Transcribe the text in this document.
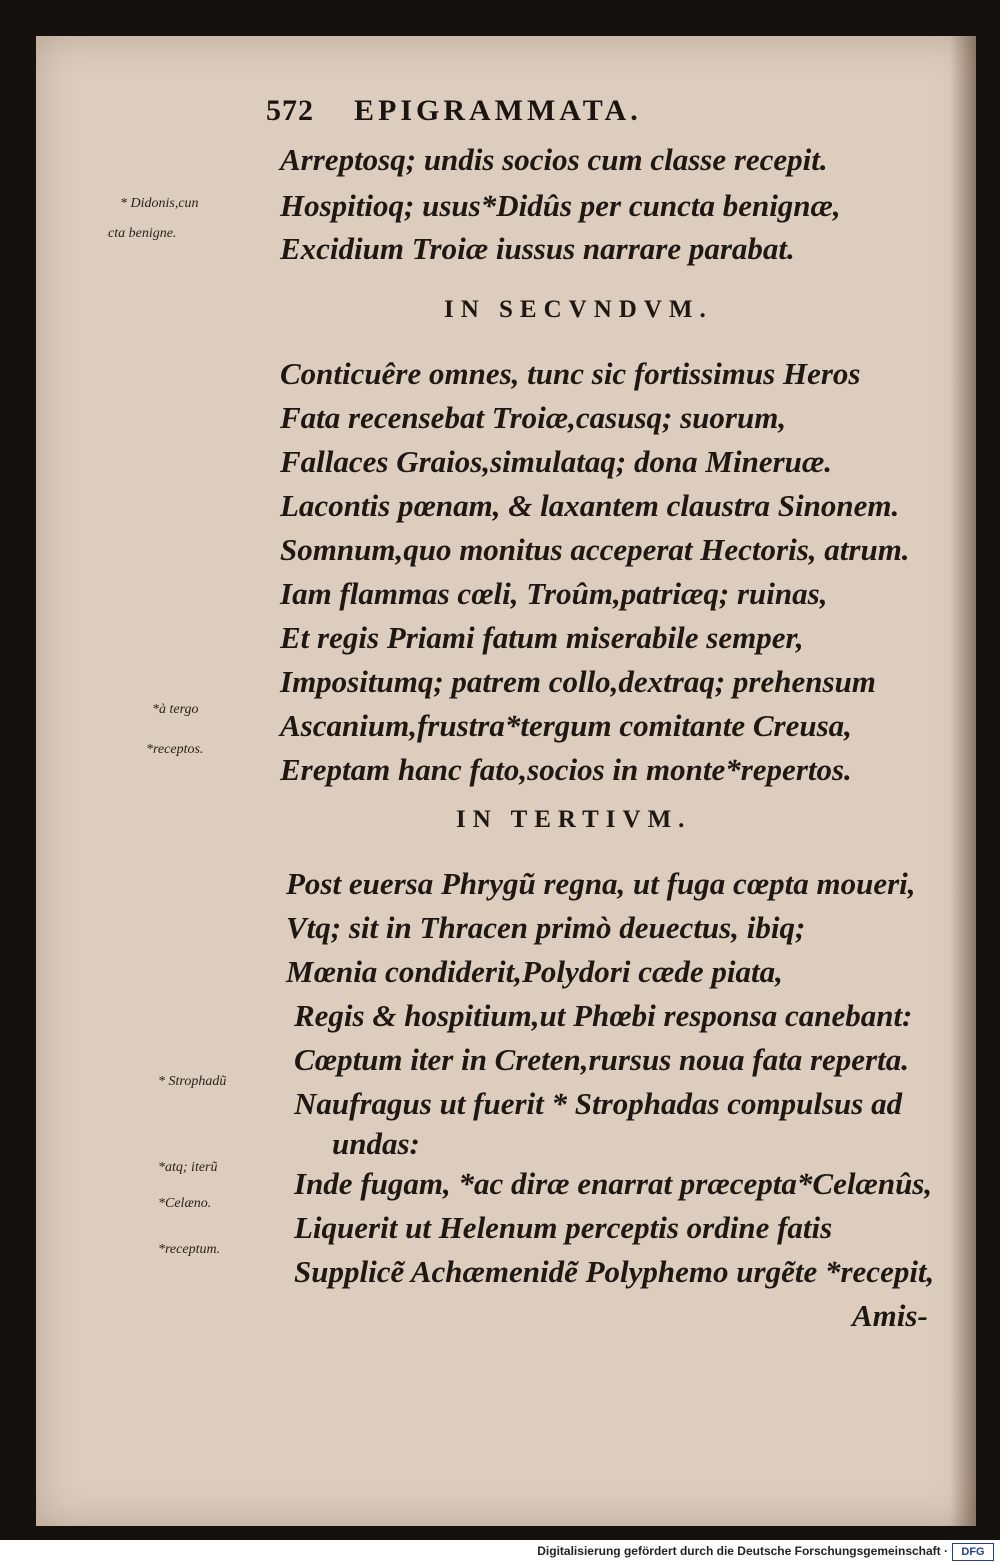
572 EPIGRAMMATA.
Arreptosq; undis socios cum classe recepit.
Hospitioq; usus*Didûs per cuncta benignæ,
Excidium Troiæ iussus narrare parabat.
IN SECVNDVM.
Conticuêre omnes, tunc sic fortissimus Heros
Fata recensebat Troiæ,casusq; suorum,
Fallaces Graios,simulataq; dona Mineruæ.
Lacontis pœnam, & laxantem claustra Sinonem.
Somnum,quo monitus acceperat Hectoris, atrum.
Iam flammas cœli, Troûm,patriæq; ruinas,
Et regis Priami fatum miserabile semper,
Impositumq; patrem collo,dextraq; prehensum
Ascanium,frustra*tergum comitante Creusa,
Ereptam hanc fato,socios in monte*repertos.
IN TERTIVM.
Post euersa Phrygũ regna, ut fuga cœpta moueri,
Vtq; sit in Thracen primò deuectus, ibiq;
Mœnia condiderit,Polydori cæde piata,
Regis & hospitium,ut Phœbi responsa canebant:
Cœptum iter in Creten,rursus noua fata reperta.
Naufragus ut fuerit * Strophadas compulsus ad
undas:
Inde fugam, *ac diræ enarrat præcepta*Celænûs,
Liquerit ut Helenum perceptis ordine fatis
Supplicẽ Achæmenidẽ Polyphemo urgẽte *recepit,
Amis-
* Didonis,cun
cta benigne.
*à tergo
*receptos.
* Strophadũ
*atq; iterũ
*Celæno.
*receptum.
Digitalisierung gefördert durch die Deutsche Forschungsgemeinschaft ·	DFG
